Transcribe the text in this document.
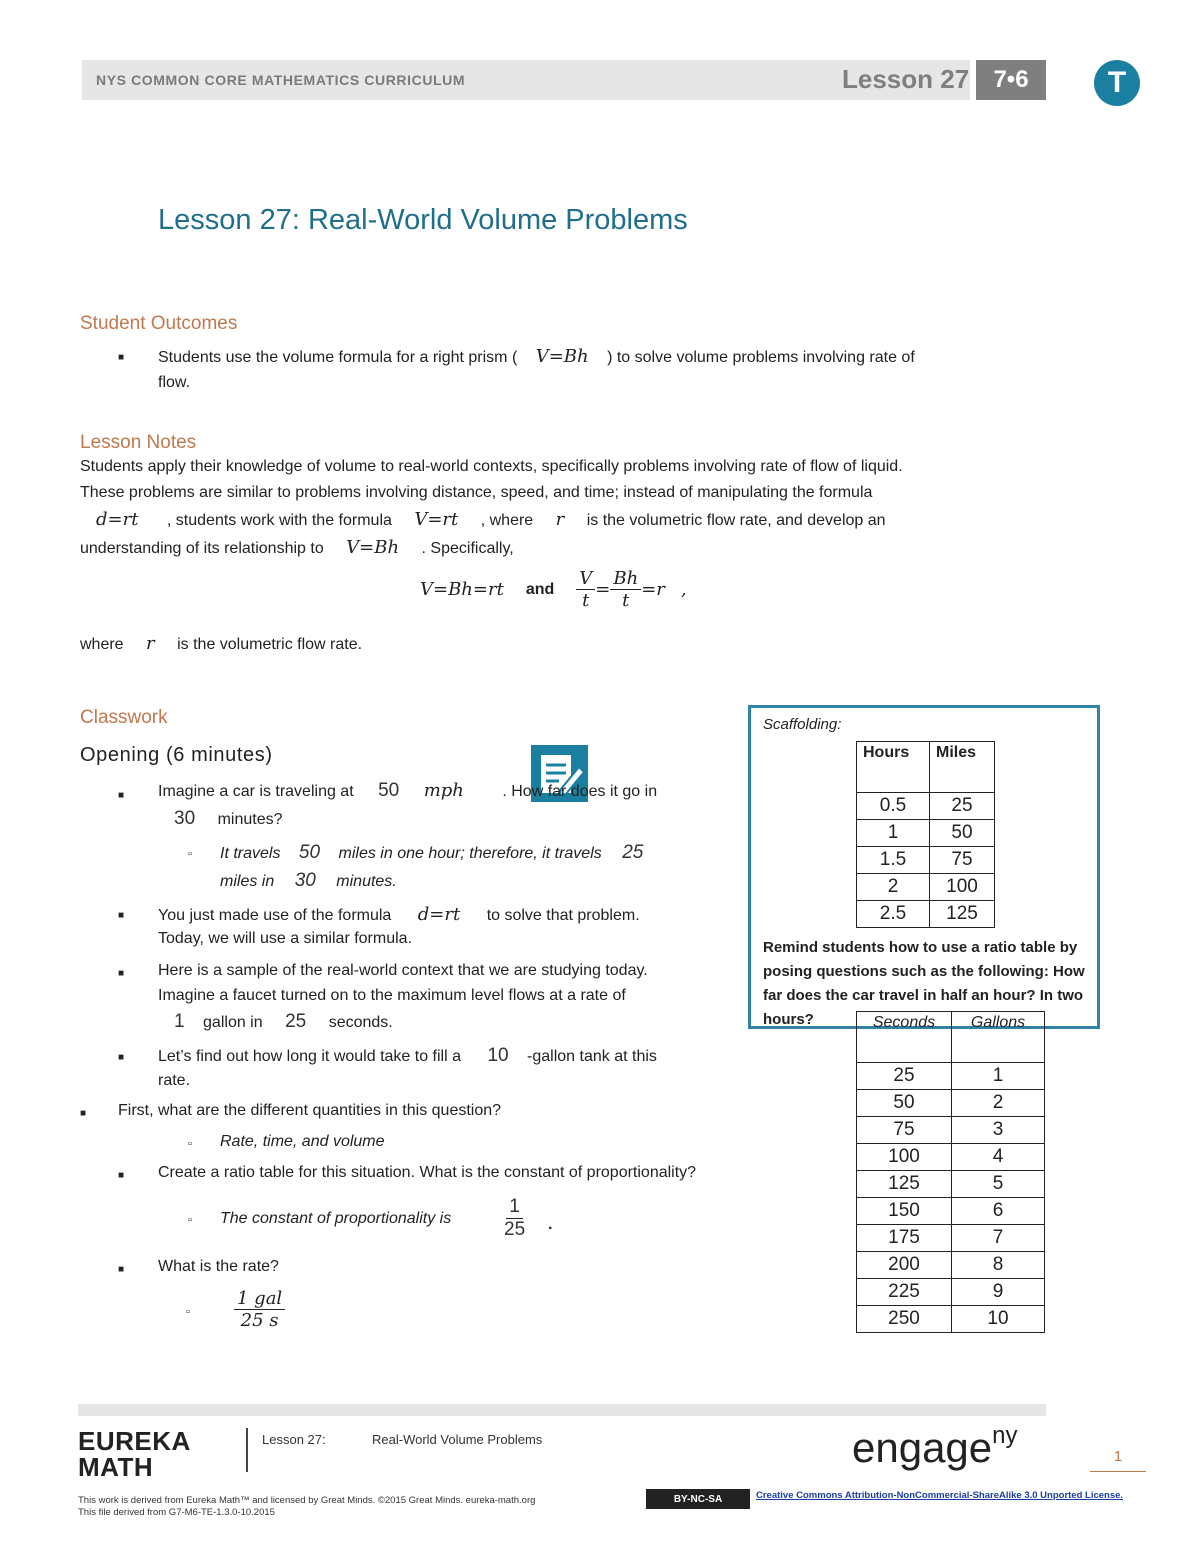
NYS COMMON CORE MATHEMATICS CURRICULUM	Lesson 27	7•6	T
Lesson 27: Real-World Volume Problems
Student Outcomes
■ Students use the volume formula for a right prism ( V=Bh ) to solve volume problems involving rate of
flow.
Lesson Notes
Students apply their knowledge of volume to real-world contexts, specifically problems involving rate of flow of liquid.
These problems are similar to problems involving distance, speed, and time; instead of manipulating the formula
d=rt , students work with the formula V=rt , where r is the volumetric flow rate, and develop an
understanding of its relationship to V=Bh . Specifically,
V=Bh=rt and $\frac{V}{t} = \frac{Bh}{t} =r$ ,
where r is the volumetric flow rate.
Classwork
Opening (6 minutes)
■ Imagine a car is traveling at 50 mph . How far does it go in
30 minutes?
▫ It travels 50 miles in one hour; therefore, it travels 25
miles in 30 minutes.
■ You just made use of the formula d=rt to solve that problem.
Today, we will use a similar formula.
■ Here is a sample of the real-world context that we are studying today.
Imagine a faucet turned on to the maximum level flows at a rate of
1 gallon in 25 seconds.
■ Let’s find out how long it would take to fill a 10 -gallon tank at this
rate.
■ First, what are the different quantities in this question?
▫ Rate, time, and volume
■ Create a ratio table for this situation. What is the constant of proportionality?
▫ The constant of proportionality is	$\frac{1}{25}$ .
■ What is the rate?
▫
1 gal
25 s
Scaffolding:
Hours	Miles
0.5	25
1	50
1.5	75
2	100
2.5	125
Remind students how to use a ratio table by posing questions such as the following: How far does the car travel in half an hour? In two hours?	Seconds	Gallons
25	1
50	2
75	3
100	4
125	5
150	6
175	7
200	8
225	9
250	10
EUREKA
MATH
Lesson 27:	Real-World Volume Problems	engage$^{ny}$
1
This work is derived from Eureka Math™ and licensed by Great Minds. ©2015 Great Minds. eureka-math.org
This file derived from G7-M6-TE-1.3.0-10.2015
BY-NC-SA	Creative Commons Attribution-NonCommercial-ShareAlike 3.0 Unported License.
